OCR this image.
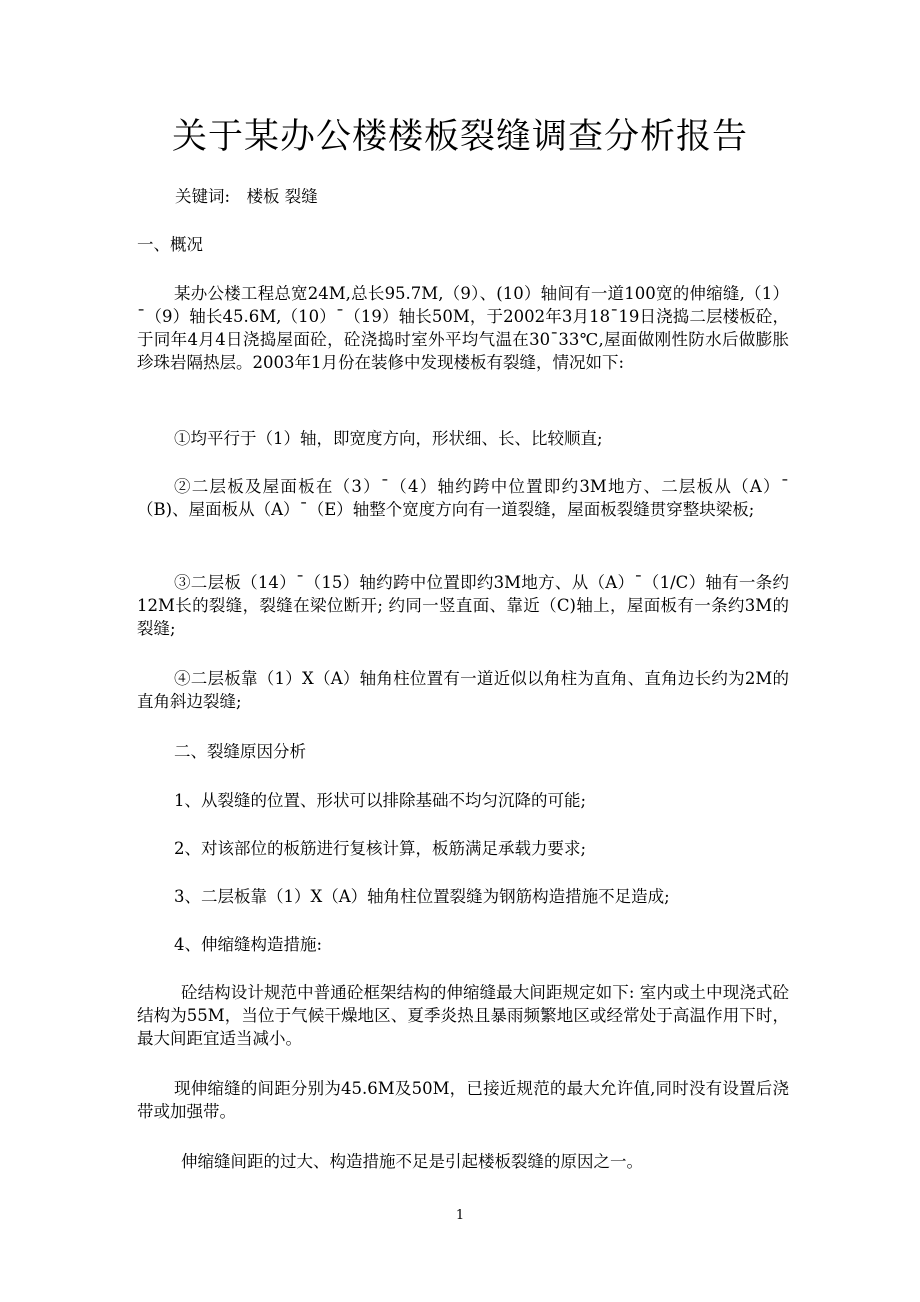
关于某办公楼楼板裂缝调查分析报告

关键词:　楼板 裂缝

一、概况

某办公楼工程总宽24M,总长95.7M,（9）、(10）轴间有一道100宽的伸缩缝,（1）¯（9）轴长45.6M,（10）¯（19）轴长50M，于2002年3月18¯19日浇捣二层楼板砼，于同年4月4日浇捣屋面砼，砼浇捣时室外平均气温在30¯33℃,屋面做刚性防水后做膨胀珍珠岩隔热层。2003年1月份在装修中发现楼板有裂缝，情况如下:

①均平行于（1）轴，即宽度方向，形状细、长、比较顺直;

②二层板及屋面板在（3）¯（4）轴约跨中位置即约3M地方、二层板从（A）¯（B)、屋面板从（A）¯（E）轴整个宽度方向有一道裂缝，屋面板裂缝贯穿整块梁板;

③二层板（14）¯（15）轴约跨中位置即约3M地方、从（A）¯（1/C）轴有一条约12M长的裂缝，裂缝在梁位断开; 约同一竖直面、靠近（C)轴上，屋面板有一条约3M的裂缝;

④二层板靠（1）X（A）轴角柱位置有一道近似以角柱为直角、直角边长约为2M的直角斜边裂缝;

二、裂缝原因分析

1、从裂缝的位置、形状可以排除基础不均匀沉降的可能;

2、对该部位的板筋进行复核计算，板筋满足承载力要求;

3、二层板靠（1）X（A）轴角柱位置裂缝为钢筋构造措施不足造成;

4、伸缩缝构造措施:

砼结构设计规范中普通砼框架结构的伸缩缝最大间距规定如下: 室内或土中现浇式砼结构为55M，当位于气候干燥地区、夏季炎热且暴雨频繁地区或经常处于高温作用下时，最大间距宜适当减小。

现伸缩缝的间距分别为45.6M及50M，已接近规范的最大允许值,同时没有设置后浇带或加强带。

伸缩缝间距的过大、构造措施不足是引起楼板裂缝的原因之一。

1
